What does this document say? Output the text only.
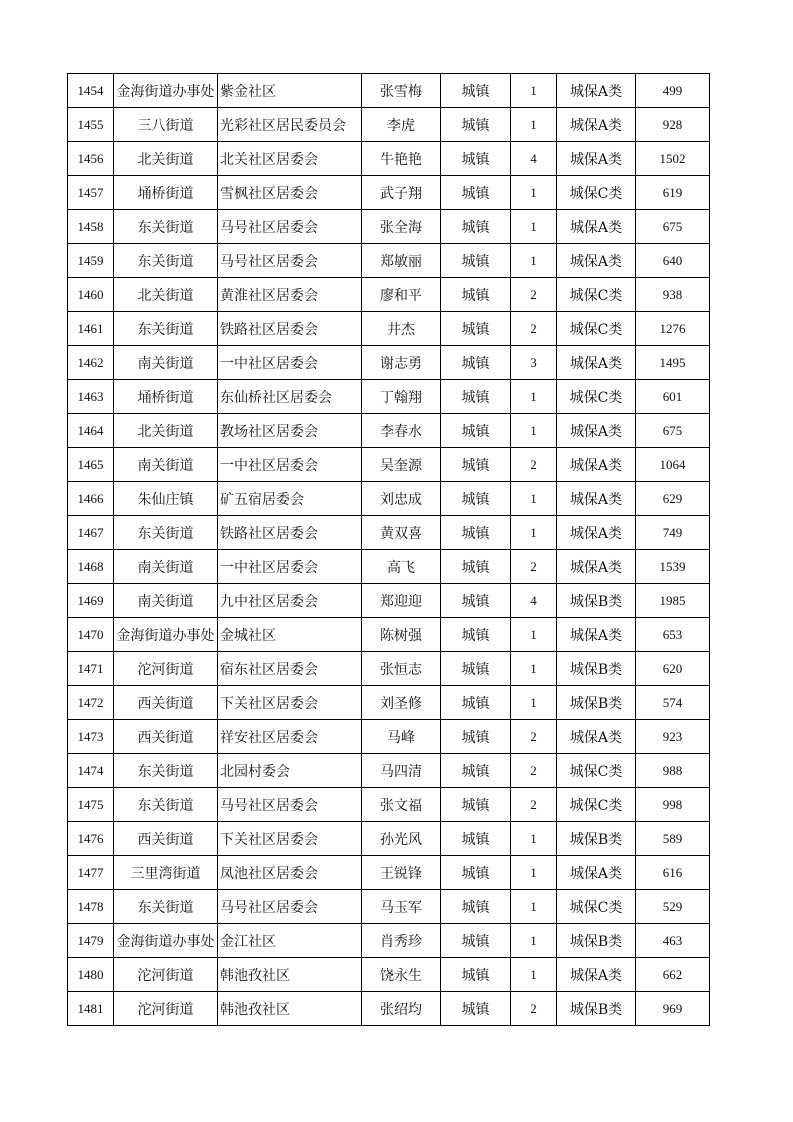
1454	金海街道办事处	紫金社区	张雪梅	城镇	1	城保A类	499
1455	三八街道	光彩社区居民委员会	李虎	城镇	1	城保A类	928
1456	北关街道	北关社区居委会	牛艳艳	城镇	4	城保A类	1502
1457	埇桥街道	雪枫社区居委会	武子翔	城镇	1	城保C类	619
1458	东关街道	马号社区居委会	张全海	城镇	1	城保A类	675
1459	东关街道	马号社区居委会	郑敏丽	城镇	1	城保A类	640
1460	北关街道	黄淮社区居委会	廖和平	城镇	2	城保C类	938
1461	东关街道	铁路社区居委会	井杰	城镇	2	城保C类	1276
1462	南关街道	一中社区居委会	谢志勇	城镇	3	城保A类	1495
1463	埇桥街道	东仙桥社区居委会	丁翰翔	城镇	1	城保C类	601
1464	北关街道	教场社区居委会	李春水	城镇	1	城保A类	675
1465	南关街道	一中社区居委会	吴奎源	城镇	2	城保A类	1064
1466	朱仙庄镇	矿五宿居委会	刘忠成	城镇	1	城保A类	629
1467	东关街道	铁路社区居委会	黄双喜	城镇	1	城保A类	749
1468	南关街道	一中社区居委会	高飞	城镇	2	城保A类	1539
1469	南关街道	九中社区居委会	郑迎迎	城镇	4	城保B类	1985
1470	金海街道办事处	金城社区	陈树强	城镇	1	城保A类	653
1471	沱河街道	宿东社区居委会	张恒志	城镇	1	城保B类	620
1472	西关街道	下关社区居委会	刘圣修	城镇	1	城保B类	574
1473	西关街道	祥安社区居委会	马峰	城镇	2	城保A类	923
1474	东关街道	北园村委会	马四清	城镇	2	城保C类	988
1475	东关街道	马号社区居委会	张文福	城镇	2	城保C类	998
1476	西关街道	下关社区居委会	孙光风	城镇	1	城保B类	589
1477	三里湾街道	凤池社区居委会	王锐锋	城镇	1	城保A类	616
1478	东关街道	马号社区居委会	马玉军	城镇	1	城保C类	529
1479	金海街道办事处	金江社区	肖秀珍	城镇	1	城保B类	463
1480	沱河街道	韩池孜社区	饶永生	城镇	1	城保A类	662
1481	沱河街道	韩池孜社区	张绍均	城镇	2	城保B类	969
